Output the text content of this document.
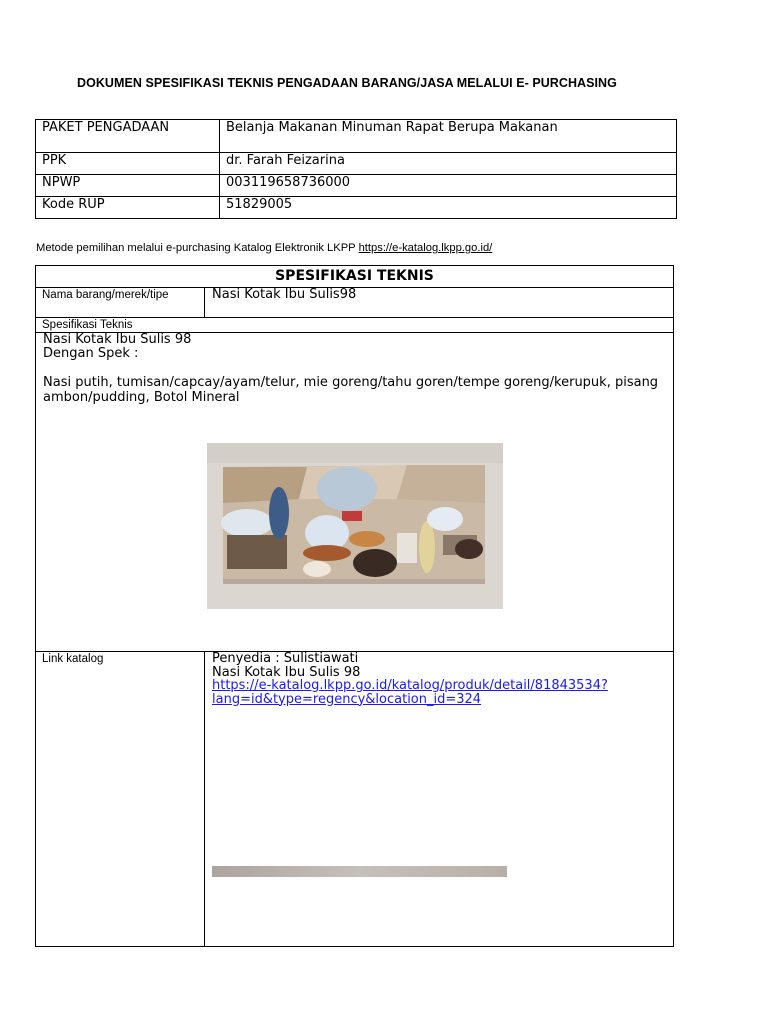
DOKUMEN SPESIFIKASI TEKNIS PENGADAAN BARANG/JASA MELALUI E- PURCHASING
PAKET PENGADAAN	Belanja Makanan Minuman Rapat Berupa Makanan
PPK	dr. Farah Feizarina
NPWP	003119658736000
Kode RUP	51829005
Metode pemilihan melalui e-purchasing Katalog Elektronik LKPP https://e-katalog.lkpp.go.id/
SPESIFIKASI TEKNIS	
Nama barang/merek/tipe	Nasi Kotak Ibu Sulis98
Spesifikasi Teknis	

Nasi Kotak Ibu Sulis 98
Dengan Spek :
Nasi putih, tumisan/capcay/ayam/telur, mie goreng/tahu goren/tempe goreng/kerupuk, pisang ambon/pudding, Botol Mineral	

Link katalog	Penyedia : Sulistiawati
Nasi Kotak Ibu Sulis 98
https://e-katalog.lkpp.go.id/katalog/produk/detail/81843534?
lang=id&type=regency&location_id=324
